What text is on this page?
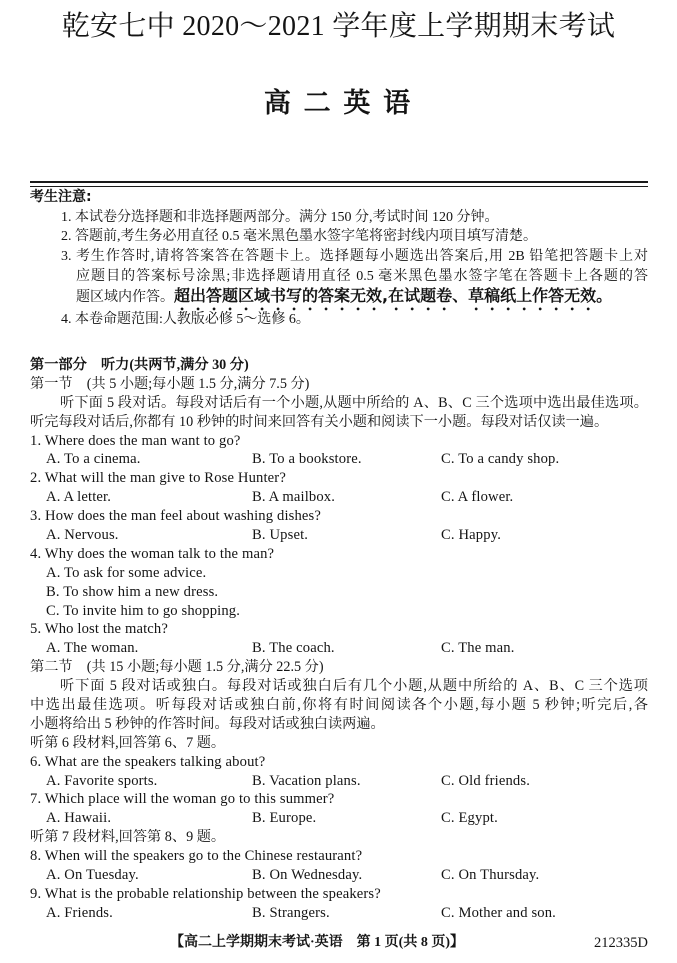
乾安七中 2020～2021 学年度上学期期末考试
高 二 英 语
考生注意:
1. 本试卷分选择题和非选择题两部分。满分 150 分,考试时间 120 分钟。
2. 答题前,考生务必用直径 0.5 毫米黑色墨水签字笔将密封线内项目填写清楚。
3. 考生作答时,请将答案答在答题卡上。选择题每小题选出答案后,用 2B 铅笔把答题卡上对
应题目的答案标号涂黑;非选择题请用直径 0.5 毫米黑色墨水签字笔在答题卡上各题的答
题区域内作答。超出答题区域书写的答案无效,在试题卷、草稿纸上作答无效。
4. 本卷命题范围:人教版必修 5～选修 6。
第一部分　听力(共两节,满分 30 分)
第一节　(共 5 小题;每小题 1.5 分,满分 7.5 分)
听下面 5 段对话。每段对话后有一个小题,从题中所给的 A、B、C 三个选项中选出最佳选项。
听完每段对话后,你都有 10 秒钟的时间来回答有关小题和阅读下一小题。每段对话仅读一遍。
1. Where does the man want to go?
A. To a cinema.	B. To a bookstore.	C. To a candy shop.
2. What will the man give to Rose Hunter?
A. A letter.	B. A mailbox.	C. A flower.
3. How does the man feel about washing dishes?
A. Nervous.	B. Upset.	C. Happy.
4. Why does the woman talk to the man?
A. To ask for some advice.
B. To show him a new dress.
C. To invite him to go shopping.
5. Who lost the match?
A. The woman.	B. The coach.	C. The man.
第二节　(共 15 小题;每小题 1.5 分,满分 22.5 分)
听下面 5 段对话或独白。每段对话或独白后有几个小题,从题中所给的 A、B、C 三个选项
中选出最佳选项。听每段对话或独白前,你将有时间阅读各个小题,每小题 5 秒钟;听完后,各
小题将给出 5 秒钟的作答时间。每段对话或独白读两遍。
听第 6 段材料,回答第 6、7 题。
6. What are the speakers talking about?
A. Favorite sports.	B. Vacation plans.	C. Old friends.
7. Which place will the woman go to this summer?
A. Hawaii.	B. Europe.	C. Egypt.
听第 7 段材料,回答第 8、9 题。
8. When will the speakers go to the Chinese restaurant?
A. On Tuesday.	B. On Wednesday.	C. On Thursday.
9. What is the probable relationship between the speakers?
A. Friends.	B. Strangers.	C. Mother and son.
【高二上学期期末考试·英语　第 1 页(共 8 页)】	212335D
